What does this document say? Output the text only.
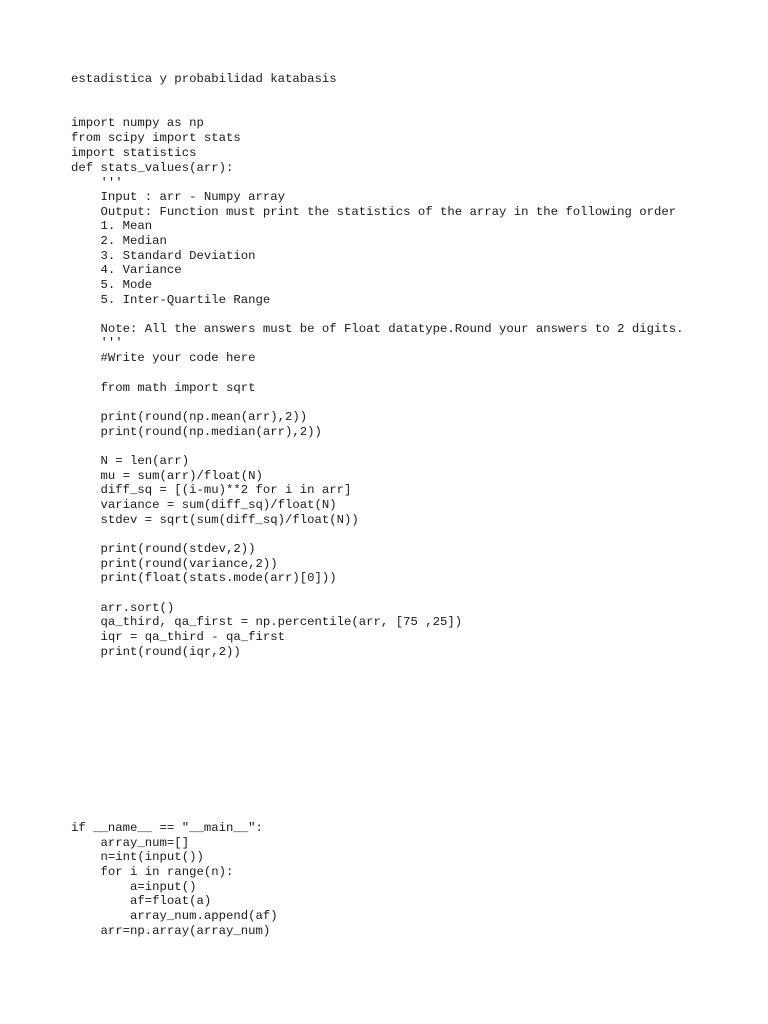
estadistica y probabilidad katabasis

import numpy as np

from scipy import stats

import statistics

def stats_values(arr):

'''

Input : arr - Numpy array

Output: Function must print the statistics of the array in the following order

1. Mean

2. Median

3. Standard Deviation

4. Variance

5. Mode

5. Inter-Quartile Range

Note: All the answers must be of Float datatype.Round your answers to 2 digits.

'''

#Write your code here

from math import sqrt

print(round(np.mean(arr),2))

print(round(np.median(arr),2))

N = len(arr)

mu = sum(arr)/float(N)

diff_sq = [(i-mu)**2 for i in arr]

variance = sum(diff_sq)/float(N)

stdev = sqrt(sum(diff_sq)/float(N))

print(round(stdev,2))

print(round(variance,2))

print(float(stats.mode(arr)[0]))

arr.sort()

qa_third, qa_first = np.percentile(arr, [75 ,25])

iqr = qa_third - qa_first

print(round(iqr,2))

if __name__ == "__main__":

array_num=[]

n=int(input())

for i in range(n):

a=input()

af=float(a)

array_num.append(af)

arr=np.array(array_num)
